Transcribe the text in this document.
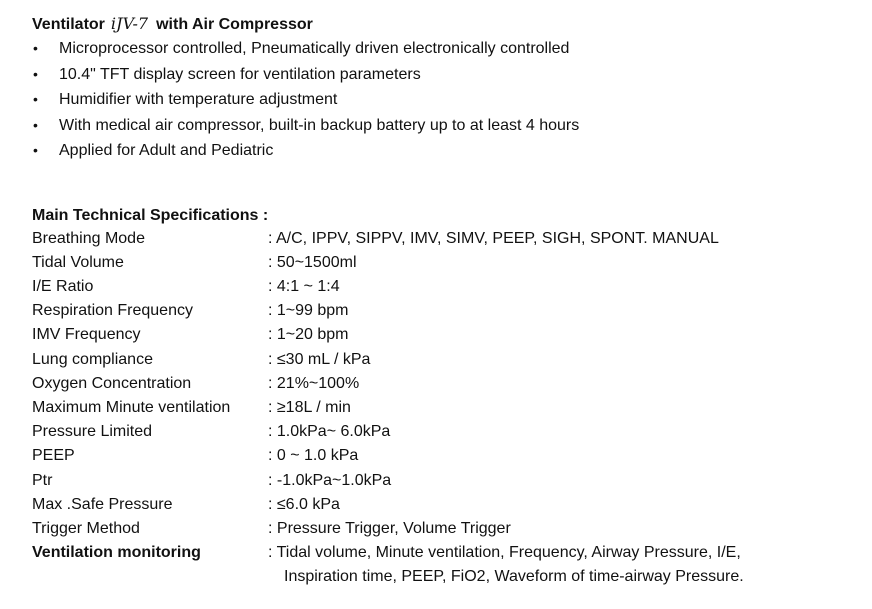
Ventilator iJV-7 with Air Compressor
• Microprocessor controlled, Pneumatically driven electronically controlled
• 10.4" TFT display screen for ventilation parameters
• Humidifier with temperature adjustment
• With medical air compressor, built-in backup battery up to at least 4 hours
• Applied for Adult and Pediatric
Main Technical Specifications :
Breathing Mode	: A/C, IPPV, SIPPV, IMV, SIMV, PEEP, SIGH, SPONT. MANUAL
Tidal Volume	: 50~1500ml
I/E Ratio	: 4:1 ~ 1:4
Respiration Frequency	: 1~99 bpm
IMV Frequency	: 1~20 bpm
Lung compliance	: ≤30 mL / kPa
Oxygen Concentration	: 21%~100%
Maximum Minute ventilation	: ≥18L / min
Pressure Limited	: 1.0kPa~ 6.0kPa
PEEP	: 0 ~ 1.0 kPa
Ptr	: -1.0kPa~1.0kPa
Max .Safe Pressure	: ≤6.0 kPa
Trigger Method	: Pressure Trigger, Volume Trigger
Ventilation monitoring	: Tidal volume, Minute ventilation, Frequency, Airway Pressure, I/E,
Inspiration time, PEEP, FiO2, Waveform of time-airway Pressure.
